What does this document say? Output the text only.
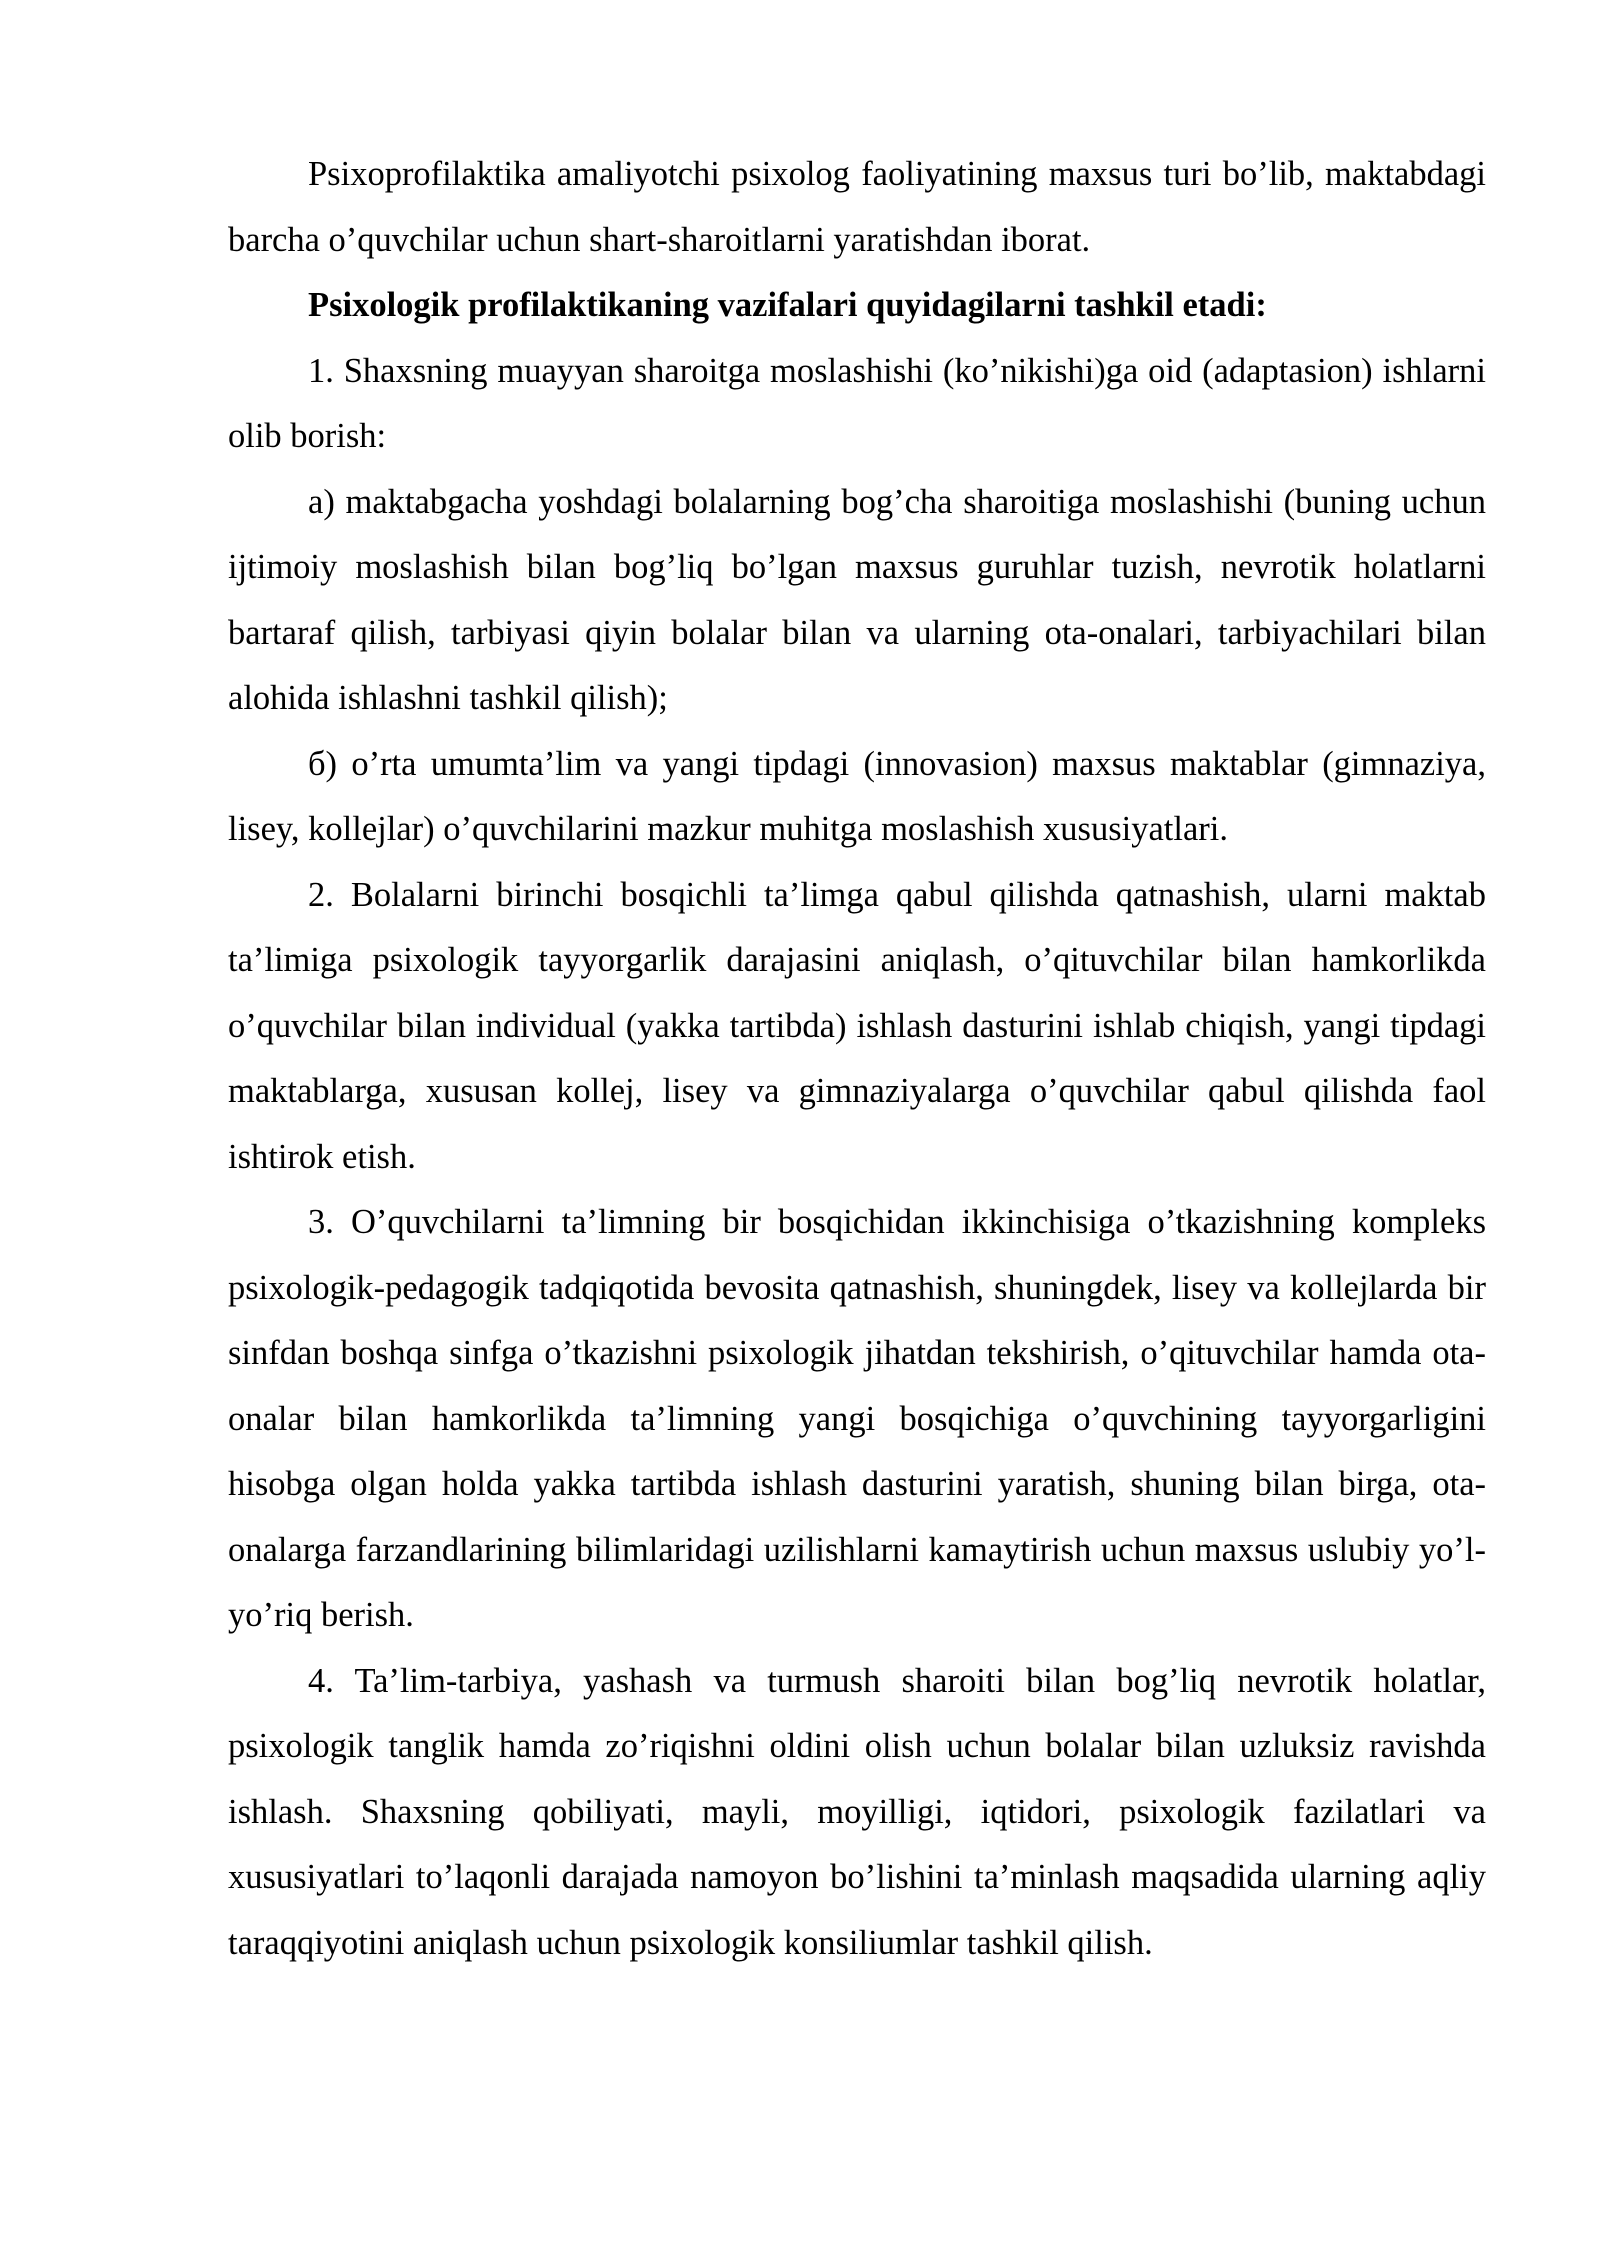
Psixoprofilaktika amaliyotchi psixolog faoliyatining maxsus turi bo’lib, maktabdagi barcha o’quvchilar uchun shart-sharoitlarni yaratishdan iborat.

Psixologik profilaktikaning vazifalari quyidagilarni tashkil etadi:

1. Shaxsning muayyan sharoitga moslashishi (ko’nikishi)ga oid (adaptasion) ishlarni olib borish:

a) maktabgacha yoshdagi bolalarning bog’cha sharoitiga moslashishi (buning uchun ijtimoiy moslashish bilan bog’liq bo’lgan maxsus guruhlar tuzish, nevrotik holatlarni bartaraf qilish, tarbiyasi qiyin bolalar bilan va ularning ota-onalari, tarbiyachilari bilan alohida ishlashni tashkil qilish);

б) o’rta umumta’lim va yangi tipdagi (innovasion) maxsus maktablar (gimnaziya, lisey, kollejlar) o’quvchilarini mazkur muhitga moslashish xususiyatlari.

2. Bolalarni birinchi bosqichli ta’limga qabul qilishda qatnashish, ularni maktab ta’limiga psixologik tayyorgarlik darajasini aniqlash, o’qituvchilar bilan hamkorlikda o’quvchilar bilan individual (yakka tartibda) ishlash dasturini ishlab chiqish, yangi tipdagi maktablarga, xususan kollej, lisey va gimnaziyalarga o’quvchilar qabul qilishda faol ishtirok etish.

3. O’quvchilarni ta’limning bir bosqichidan ikkinchisiga o’tkazishning kompleks psixologik-pedagogik tadqiqotida bevosita qatnashish, shuningdek, lisey va kollejlarda bir sinfdan boshqa sinfga o’tkazishni psixologik jihatdan tekshirish, o’qituvchilar hamda ota-onalar bilan hamkorlikda ta’limning yangi bosqichiga o’quvchining tayyorgarligini hisobga olgan holda yakka tartibda ishlash dasturini yaratish, shuning bilan birga, ota-onalarga farzandlarining bilimlaridagi uzilishlarni kamaytirish uchun maxsus uslubiy yo’l-yo’riq berish.

4. Ta’lim-tarbiya, yashash va turmush sharoiti bilan bog’liq nevrotik holatlar, psixologik tanglik hamda zo’riqishni oldini olish uchun bolalar bilan uzluksiz ravishda ishlash. Shaxsning qobiliyati, mayli, moyilligi, iqtidori, psixologik fazilatlari va xususiyatlari to’laqonli darajada namoyon bo’lishini ta’minlash maqsadida ularning aqliy taraqqiyotini aniqlash uchun psixologik konsiliumlar tashkil qilish.
